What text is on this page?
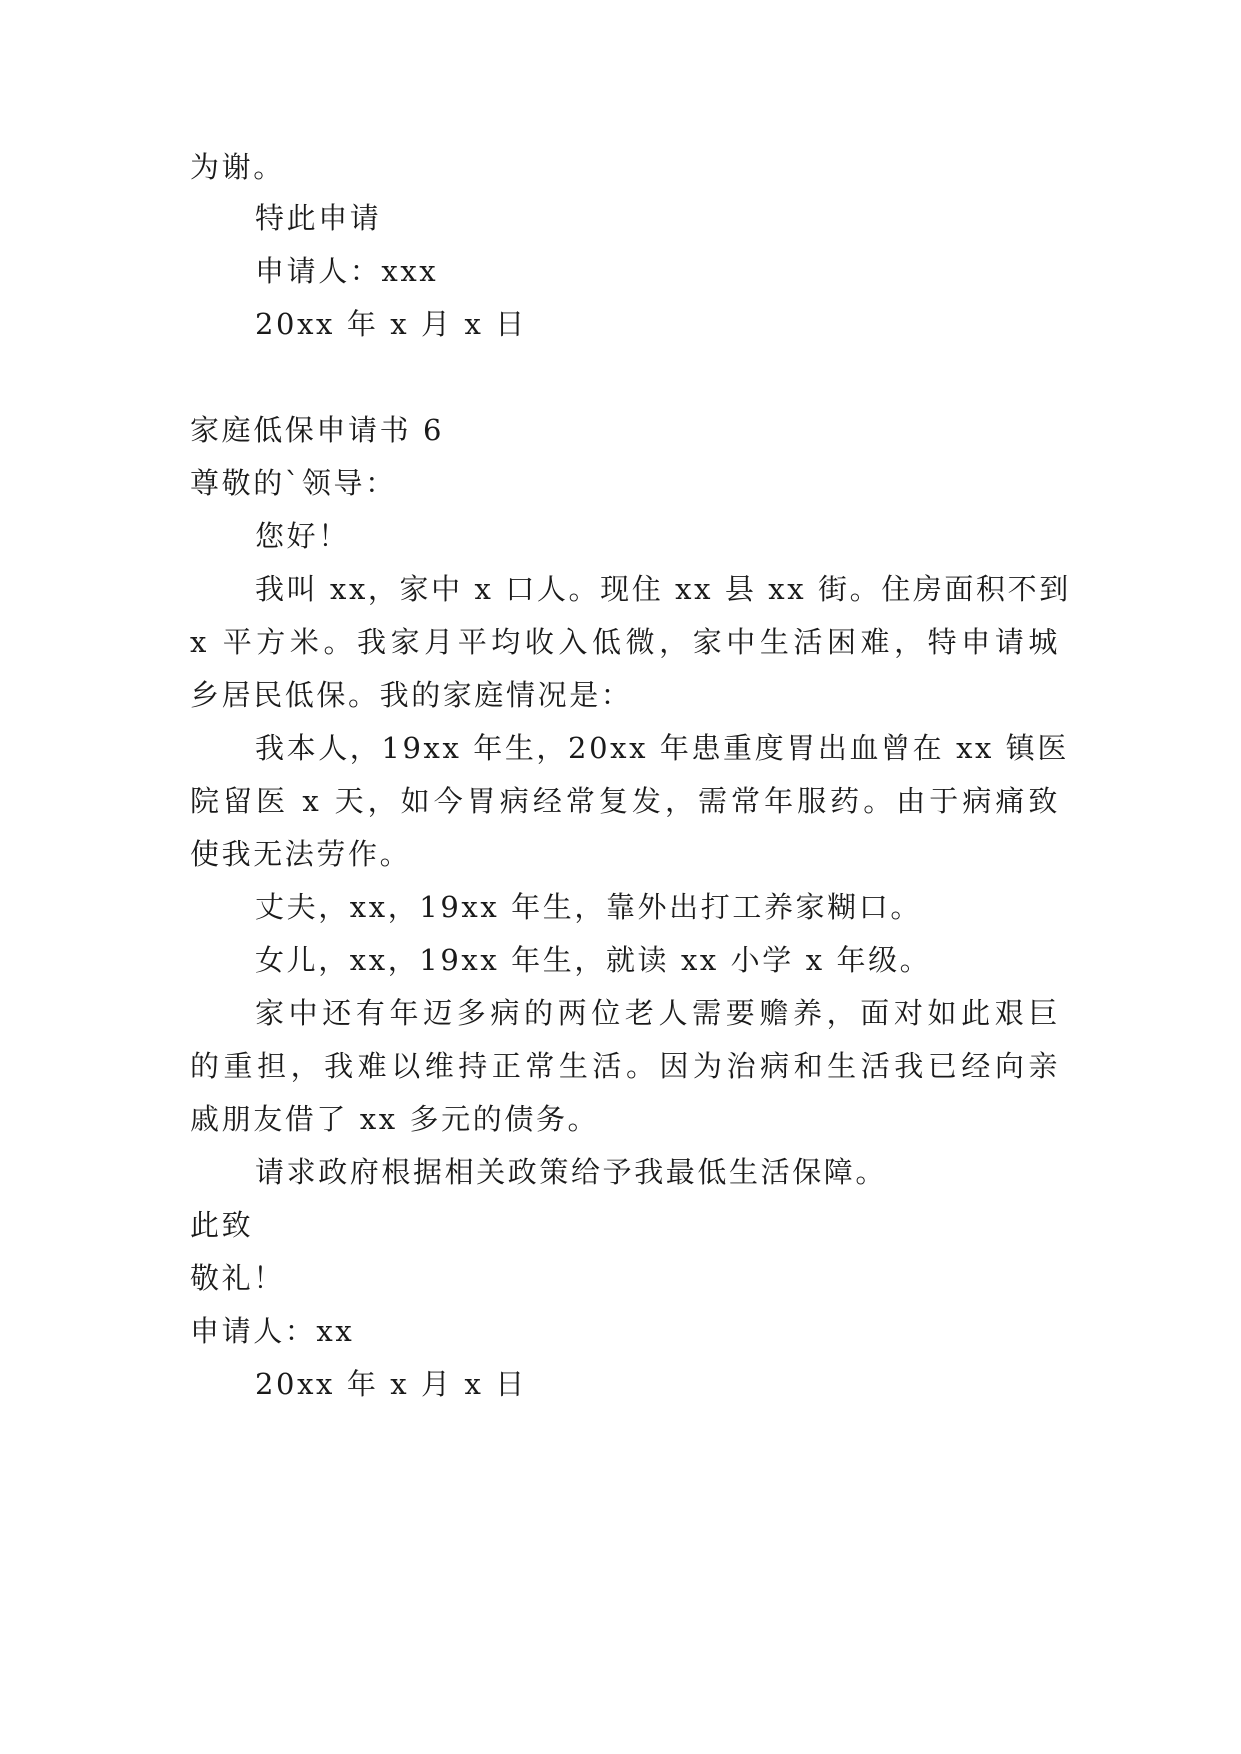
为谢。
特此申请
申请人：xxx
20xx 年 x 月 x 日
家庭低保申请书 6
尊敬的`领导：
您好！
我叫 xx，家中 x 口人。现住 xx 县 xx 街。住房面积不到
x 平方米。我家月平均收入低微，家中生活困难，特申请城
乡居民低保。我的家庭情况是：
我本人，19xx 年生，20xx 年患重度胃出血曾在 xx 镇医
院留医 x 天，如今胃病经常复发，需常年服药。由于病痛致
使我无法劳作。
丈夫，xx，19xx 年生，靠外出打工养家糊口。
女儿，xx，19xx 年生，就读 xx 小学 x 年级。
家中还有年迈多病的两位老人需要赡养，面对如此艰巨
的重担，我难以维持正常生活。因为治病和生活我已经向亲
戚朋友借了 xx 多元的债务。
请求政府根据相关政策给予我最低生活保障。
此致
敬礼！
申请人：xx
20xx 年 x 月 x 日
